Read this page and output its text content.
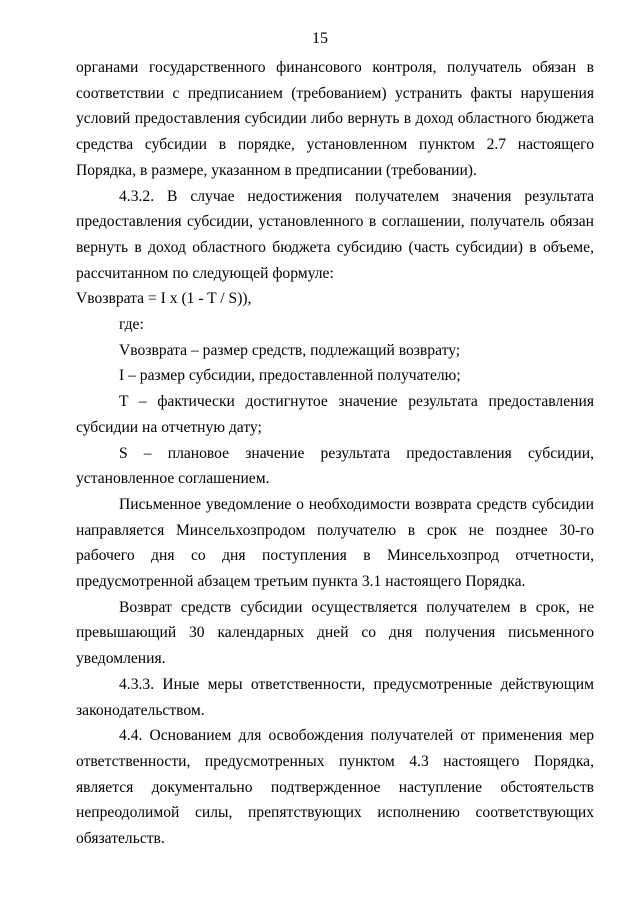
15

органами государственного финансового контроля, получатель обязан в соответствии с предписанием (требованием) устранить факты нарушения условий предоставления субсидии либо вернуть в доход областного бюджета средства субсидии в порядке, установленном пунктом 2.7 настоящего Порядка, в размере, указанном в предписании (требовании).

4.3.2. В случае недостижения получателем значения результата предоставления субсидии, установленного в соглашении, получатель обязан вернуть в доход областного бюджета субсидию (часть субсидии) в объеме, рассчитанном по следующей формуле:

Vвозврата = I x (1 - T / S)),

где:

Vвозврата – размер средств, подлежащий возврату;

I – размер субсидии, предоставленной получателю;

T – фактически достигнутое значение результата предоставления субсидии на отчетную дату;

S – плановое значение результата предоставления субсидии, установленное соглашением.

Письменное уведомление о необходимости возврата средств субсидии направляется Минсельхозпродом получателю в срок не позднее 30-го рабочего дня со дня поступления в Минсельхозпрод отчетности, предусмотренной абзацем третьим пункта 3.1 настоящего Порядка.

Возврат средств субсидии осуществляется получателем в срок, не превышающий 30 календарных дней со дня получения письменного уведомления.

4.3.3. Иные меры ответственности, предусмотренные действующим законодательством.

4.4. Основанием для освобождения получателей от применения мер ответственности, предусмотренных пунктом 4.3 настоящего Порядка, является документально подтвержденное наступление обстоятельств непреодолимой силы, препятствующих исполнению соответствующих обязательств.
